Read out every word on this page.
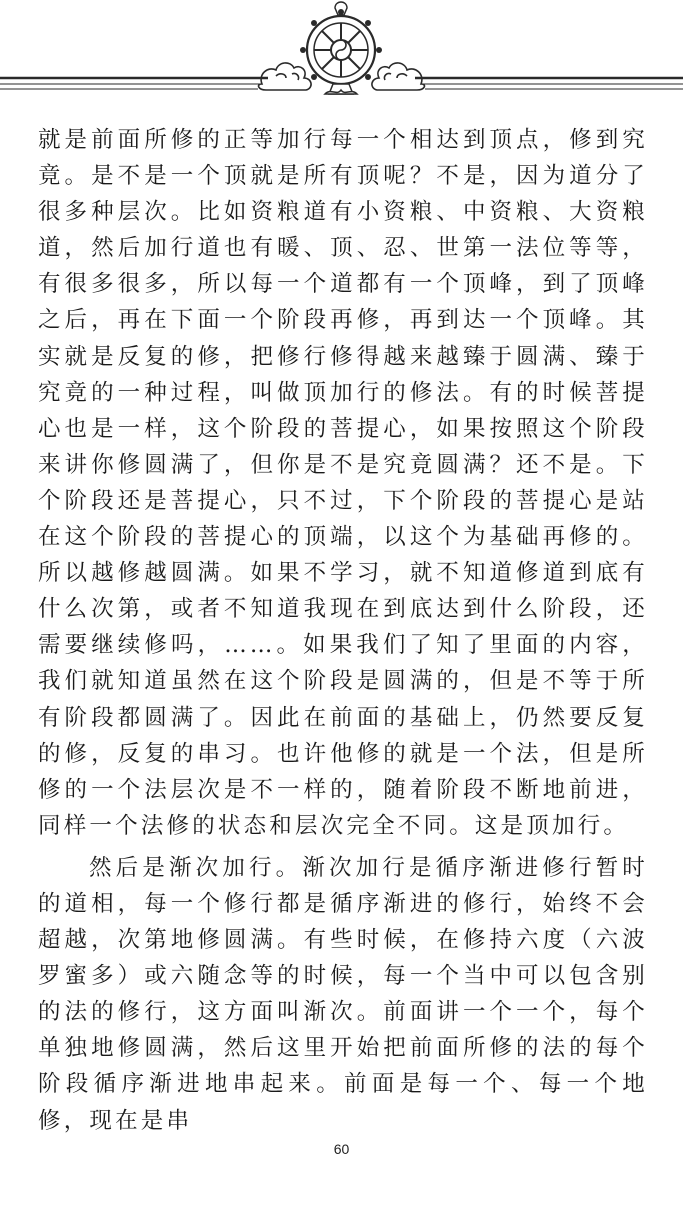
就是前面所修的正等加行每一个相达到顶点，修到究竟。是不是一个顶就是所有顶呢？不是，因为道分了很多种层次。比如资粮道有小资粮、中资粮、大资粮道，然后加行道也有暖、顶、忍、世第一法位等等，有很多很多，所以每一个道都有一个顶峰，到了顶峰之后，再在下面一个阶段再修，再到达一个顶峰。其实就是反复的修，把修行修得越来越臻于圆满、臻于究竟的一种过程，叫做顶加行的修法。有的时候菩提心也是一样，这个阶段的菩提心，如果按照这个阶段来讲你修圆满了，但你是不是究竟圆满？还不是。下个阶段还是菩提心，只不过，下个阶段的菩提心是站在这个阶段的菩提心的顶端，以这个为基础再修的。所以越修越圆满。如果不学习，就不知道修道到底有什么次第，或者不知道我现在到底达到什么阶段，还需要继续修吗，……。如果我们了知了里面的内容，我们就知道虽然在这个阶段是圆满的，但是不等于所有阶段都圆满了。因此在前面的基础上，仍然要反复的修，反复的串习。也许他修的就是一个法，但是所修的一个法层次是不一样的，随着阶段不断地前进，同样一个法修的状态和层次完全不同。这是顶加行。

然后是渐次加行。渐次加行是循序渐进修行暂时的道相，每一个修行都是循序渐进的修行，始终不会超越，次第地修圆满。有些时候，在修持六度（六波罗蜜多）或六随念等的时候，每一个当中可以包含别的法的修行，这方面叫渐次。前面讲一个一个，每个单独地修圆满，然后这里开始把前面所修的法的每个阶段循序渐进地串起来。前面是每一个、每一个地修，现在是串

60
